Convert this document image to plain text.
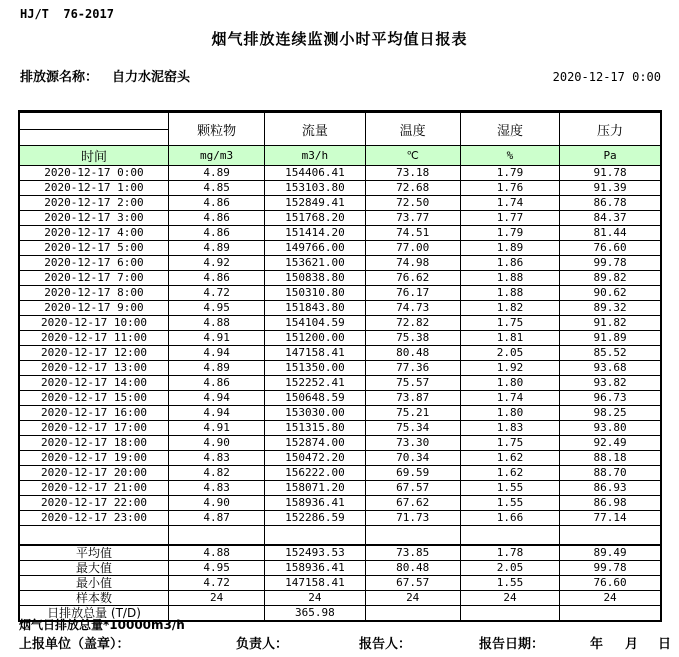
HJ/T  76-2017
烟气排放连续监测小时平均值日报表
排放源名称： 自力水泥窑头	2020-12-17 0:00
	颗粒物	流量	温度	湿度	压力

时间	mg/m3	m3/h	℃	%	Pa
2020-12-17 0:00	4.89	154406.41	73.18	1.79	91.78
2020-12-17 1:00	4.85	153103.80	72.68	1.76	91.39
2020-12-17 2:00	4.86	152849.41	72.50	1.74	86.78
2020-12-17 3:00	4.86	151768.20	73.77	1.77	84.37
2020-12-17 4:00	4.86	151414.20	74.51	1.79	81.44
2020-12-17 5:00	4.89	149766.00	77.00	1.89	76.60
2020-12-17 6:00	4.92	153621.00	74.98	1.86	99.78
2020-12-17 7:00	4.86	150838.80	76.62	1.88	89.82
2020-12-17 8:00	4.72	150310.80	76.17	1.88	90.62
2020-12-17 9:00	4.95	151843.80	74.73	1.82	89.32
2020-12-17 10:00	4.88	154104.59	72.82	1.75	91.82
2020-12-17 11:00	4.91	151200.00	75.38	1.81	91.89
2020-12-17 12:00	4.94	147158.41	80.48	2.05	85.52
2020-12-17 13:00	4.89	151350.00	77.36	1.92	93.68
2020-12-17 14:00	4.86	152252.41	75.57	1.80	93.82
2020-12-17 15:00	4.94	150648.59	73.87	1.74	96.73
2020-12-17 16:00	4.94	153030.00	75.21	1.80	98.25
2020-12-17 17:00	4.91	151315.80	75.34	1.83	93.80
2020-12-17 18:00	4.90	152874.00	73.30	1.75	92.49
2020-12-17 19:00	4.83	150472.20	70.34	1.62	88.18
2020-12-17 20:00	4.82	156222.00	69.59	1.62	88.70
2020-12-17 21:00	4.83	158071.20	67.57	1.55	86.93
2020-12-17 22:00	4.90	158936.41	67.62	1.55	86.98
2020-12-17 23:00	4.87	152286.59	71.73	1.66	77.14

平均值	4.88	152493.53	73.85	1.78	89.49
最大值	4.95	158936.41	80.48	2.05	99.78
最小值	4.72	147158.41	67.57	1.55	76.60
样本数	24	24	24	24	24
日排放总量 (T/D)		365.98			
烟气日排放总量*10000m3/h
上报单位（盖章）：	负责人：	报告人：	报告日期：	年 月 日
